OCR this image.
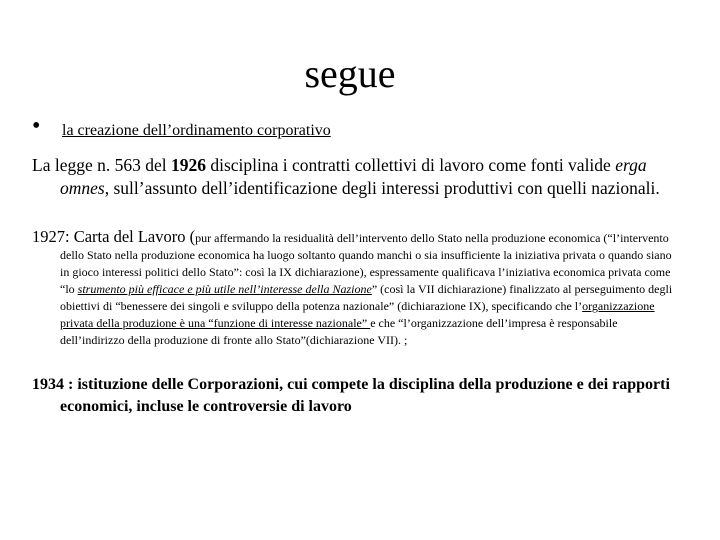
segue
• la creazione dell’ordinamento corporativo
La legge n. 563 del 1926 disciplina i contratti collettivi di lavoro come fonti valide erga omnes, sull’assunto dell’identificazione degli interessi produttivi con quelli nazionali.
1927: Carta del Lavoro (pur affermando la residualità dell’intervento dello Stato nella produzione economica (“l’intervento dello Stato nella produzione economica ha luogo soltanto quando manchi o sia insufficiente la iniziativa privata o quando siano in gioco interessi politici dello Stato”: così la IX dichiarazione), espressamente qualificava l’iniziativa economica privata come “lo strumento più efficace e più utile nell’interesse della Nazione” (così la VII dichiarazione) finalizzato al perseguimento degli obiettivi di “benessere dei singoli e sviluppo della potenza nazionale” (dichiarazione IX), specificando che l’organizzazione privata della produzione è una “funzione di interesse nazionale” e che “l’organizzazione dell’impresa è responsabile dell’indirizzo della produzione di fronte allo Stato”(dichiarazione VII). ;
1934 : istituzione delle Corporazioni, cui compete la disciplina della produzione e dei rapporti economici, incluse le controversie di lavoro
